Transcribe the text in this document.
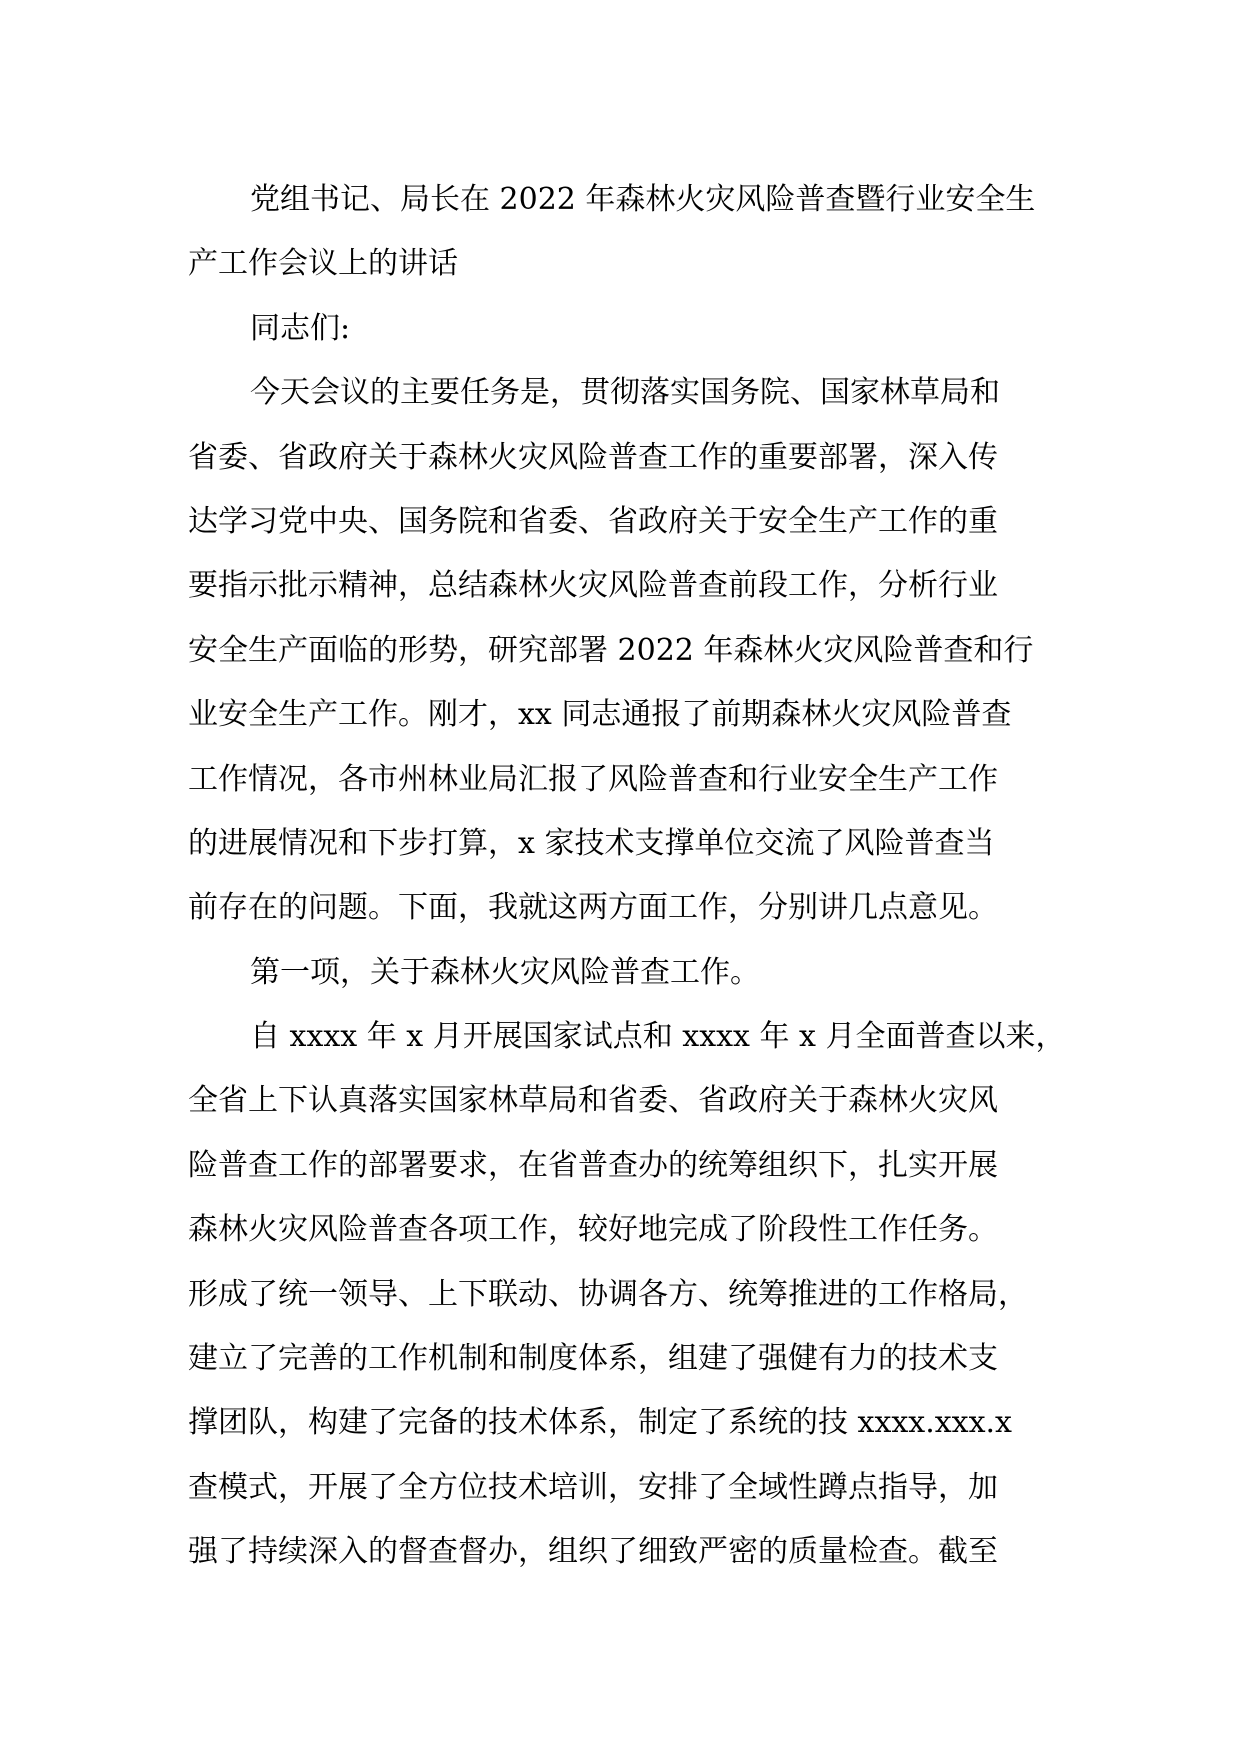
党组书记、局长在 2022 年森林火灾风险普查暨行业安全生
产工作会议上的讲话
同志们:
今天会议的主要任务是，贯彻落实国务院、国家林草局和
省委、省政府关于森林火灾风险普查工作的重要部署，深入传
达学习党中央、国务院和省委、省政府关于安全生产工作的重
要指示批示精神，总结森林火灾风险普查前段工作，分析行业
安全生产面临的形势，研究部署 2022 年森林火灾风险普查和行
业安全生产工作。刚才，xx 同志通报了前期森林火灾风险普查
工作情况，各市州林业局汇报了风险普查和行业安全生产工作
的进展情况和下步打算，x 家技术支撑单位交流了风险普查当
前存在的问题。下面，我就这两方面工作，分别讲几点意见。
第一项，关于森林火灾风险普查工作。
自 xxxx 年 x 月开展国家试点和 xxxx 年 x 月全面普查以来，
全省上下认真落实国家林草局和省委、省政府关于森林火灾风
险普查工作的部署要求，在省普查办的统筹组织下，扎实开展
森林火灾风险普查各项工作，较好地完成了阶段性工作任务。
形成了统一领导、上下联动、协调各方、统筹推进的工作格局，
建立了完善的工作机制和制度体系，组建了强健有力的技术支
撑团队，构建了完备的技术体系，制定了系统的技 xxxx.xxx.x
查模式，开展了全方位技术培训，安排了全域性蹲点指导，加
强了持续深入的督查督办，组织了细致严密的质量检查。截至
